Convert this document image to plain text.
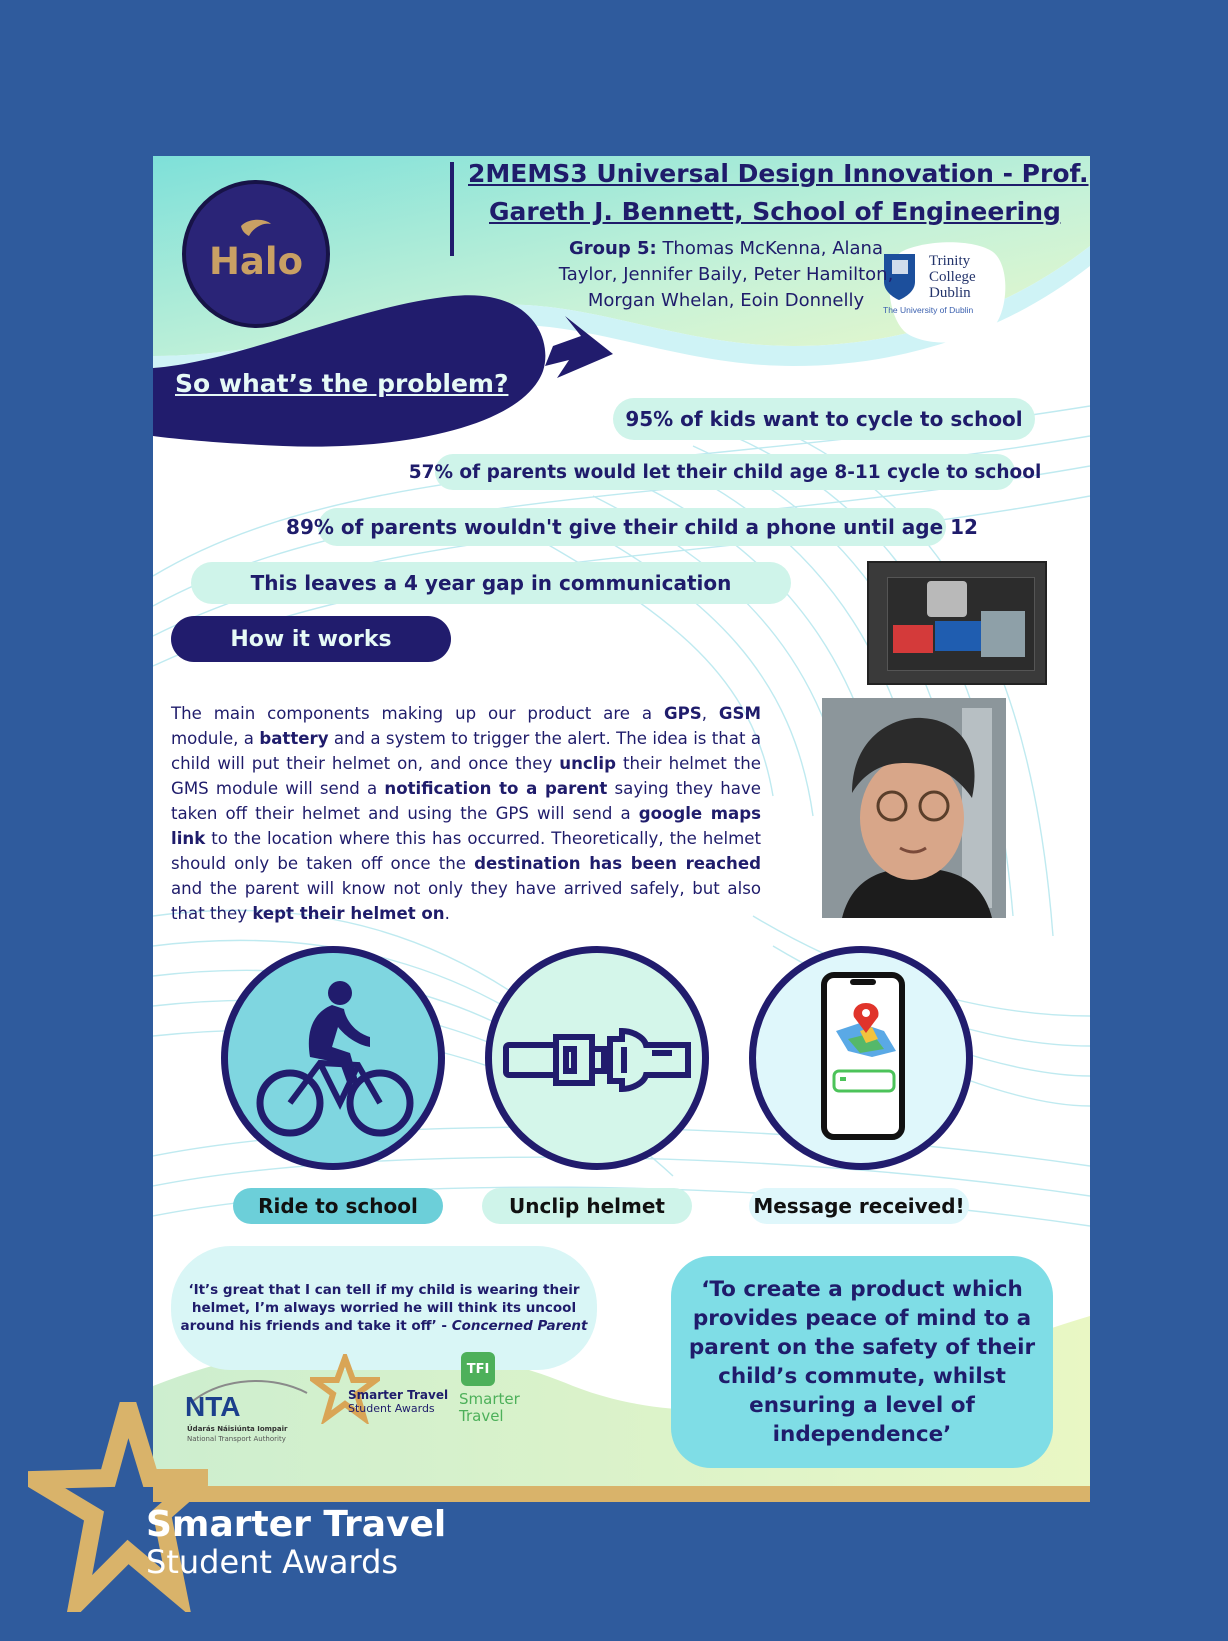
Halo
2MEMS3 Universal Design Innovation - Prof.
Gareth J. Bennett, School of Engineering
Group 5: Thomas McKenna, Alana Taylor, Jennifer Baily, Peter Hamilton, Morgan Whelan, Eoin Donnelly
Trinity
College
Dublin
The University of Dublin
So what’s the problem?
95% of kids want to cycle to school
57% of parents would let their child age 8-11 cycle to school
89% of parents wouldn't give their child a phone until age 12
This leaves a 4 year gap in communication
How it works
The main components making up our product are a GPS, GSM module, a battery and a system to trigger the alert. The idea is that a child will put their helmet on, and once they unclip their helmet the GMS module will send a notification to a parent saying they have taken off their helmet and using the GPS will send a google maps link to the location where this has occurred. Theoretically, the helmet should only be taken off once the destination has been reached and the parent will know not only they have arrived safely, but also that they kept their helmet on.
Ride to school	Unclip helmet	Message received!
‘It’s great that I can tell if my child is wearing their helmet, I’m always worried he will think its uncool around his friends and take it off’ - Concerned Parent
‘To create a product which provides peace of mind to a parent on the safety of their child’s commute, whilst ensuring a level of independence’
NTA
Údarás Náisiúnta Iompair
National Transport Authority
Smarter Travel
Student Awards
TFI
Smarter
Travel
Smarter Travel
Student Awards
